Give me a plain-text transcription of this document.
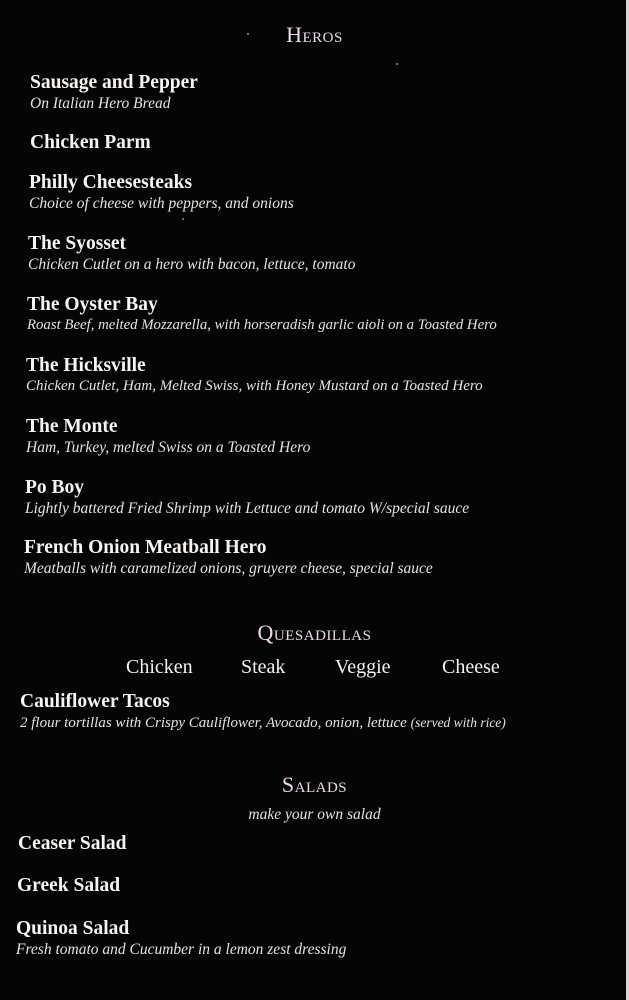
Heros
Sausage and Pepper
On Italian Hero Bread
Chicken Parm
Philly Cheesesteaks
Choice of cheese with peppers, and onions
The Syosset
Chicken Cutlet on a hero with bacon, lettuce, tomato
The Oyster Bay
Roast Beef, melted Mozzarella, with horseradish garlic aioli on a Toasted Hero
The Hicksville
Chicken Cutlet, Ham, Melted Swiss, with Honey Mustard on a Toasted Hero
The Monte
Ham, Turkey, melted Swiss on a Toasted Hero
Po Boy
Lightly battered Fried Shrimp with Lettuce and tomato W/special sauce
French Onion Meatball Hero
Meatballs with caramelized onions, gruyere cheese, special sauce
Quesadillas
Chicken Steak Veggie	Cheese
Cauliflower Tacos
2 flour tortillas with Crispy Cauliflower, Avocado, onion, lettuce (served with rice)
Salads
make your own salad
Ceaser Salad
Greek Salad
Quinoa Salad
Fresh tomato and Cucumber in a lemon zest dressing
